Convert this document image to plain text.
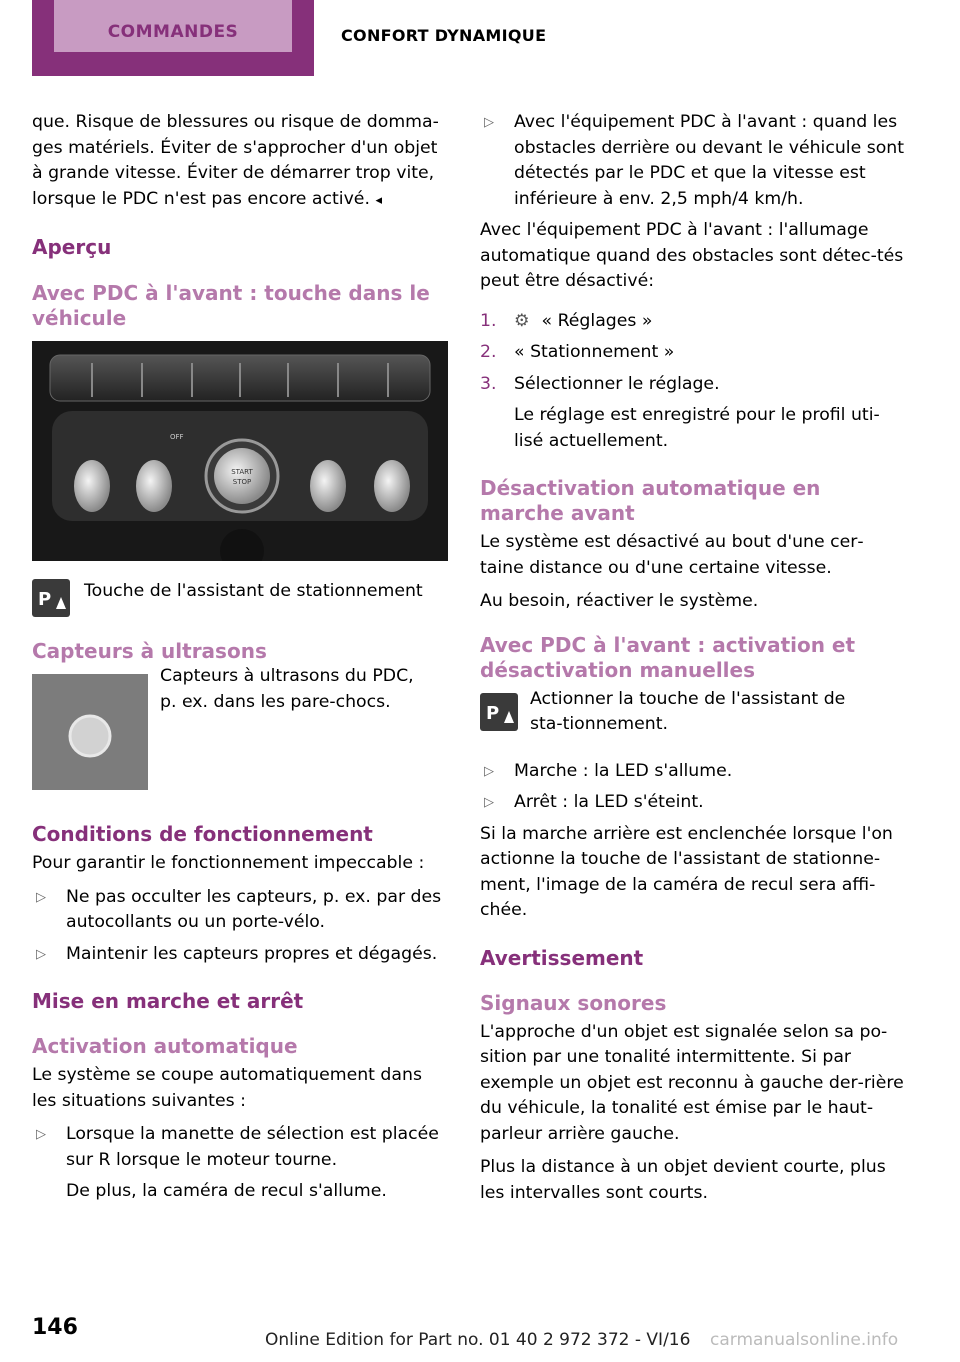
COMMANDES	CONFORT DYNAMIQUE

que. Risque de blessures ou risque de domma‐ges matériels. Éviter de s'approcher d'un objet à grande vitesse. Éviter de démarrer trop vite, lorsque le PDC n'est pas encore activé. ◂

Aperçu
Avec PDC à l'avant : touche dans le véhicule
START
STOP
OFF
P Touche de l'assistant de stationnement
Capteurs à ultrasons
Capteurs à ultrasons du PDC, p. ex. dans les pare-chocs.
Conditions de fonctionnement

Pour garantir le fonctionnement impeccable :

▷ Ne pas occulter les capteurs, p. ex. par des autocollants ou un porte-vélo.
▷ Maintenir les capteurs propres et dégagés.
Mise en marche et arrêt
Activation automatique

Le système se coupe automatiquement dans les situations suivantes :

▷ Lorsque la manette de sélection est placée sur R lorsque le moteur tourne.
De plus, la caméra de recul s'allume.
▷ Avec l'équipement PDC à l'avant : quand les obstacles derrière ou devant le véhicule sont détectés par le PDC et que la vitesse est inférieure à env. 2,5 mph/4 km/h.

Avec l'équipement PDC à l'avant : l'allumage automatique quand des obstacles sont détec‐tés peut être désactivé:

1. ⚙ « Réglages »
2. « Stationnement »
3. Sélectionner le réglage.
Le réglage est enregistré pour le profil uti‐lisé actuellement.
Désactivation automatique en marche avant

Le système est désactivé au bout d'une cer‐taine distance ou d'une certaine vitesse.

Au besoin, réactiver le système.

Avec PDC à l'avant : activation et désactivation manuelles
P
Actionner la touche de l'assistant de sta‐tionnement.
▷ Marche : la LED s'allume.
▷ Arrêt : la LED s'éteint.

Si la marche arrière est enclenchée lorsque l'on actionne la touche de l'assistant de stationne‐ment, l'image de la caméra de recul sera affi‐chée.

Avertissement
Signaux sonores

L'approche d'un objet est signalée selon sa po‐sition par une tonalité intermittente. Si par exemple un objet est reconnu à gauche der‐rière du véhicule, la tonalité est émise par le haut-parleur arrière gauche.

Plus la distance à un objet devient courte, plus les intervalles sont courts.

146	Online Edition for Part no. 01 40 2 972 372 - VI/16 carmanualsonline.info
